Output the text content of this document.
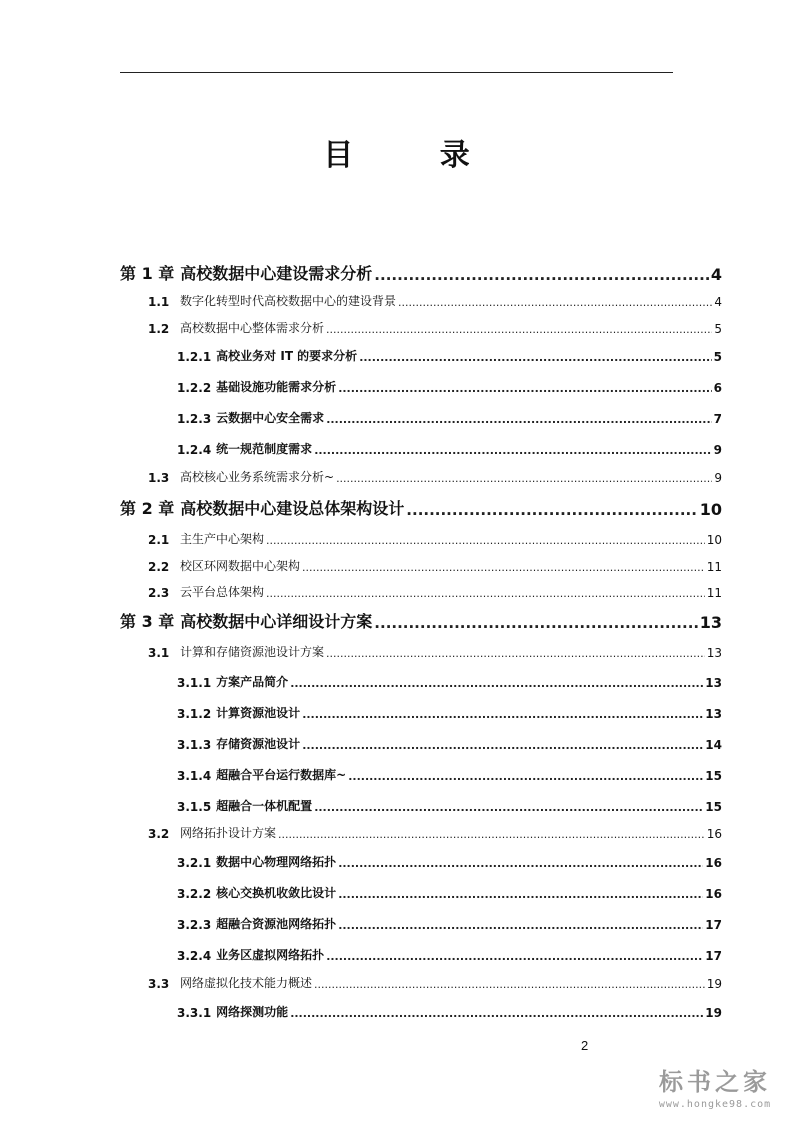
目 录
第 1 章 高校数据中心建设需求分析 .....	4
1.1 数字化转型时代高校数据中心的建设背景 .....	4
1.2 高校数据中心整体需求分析 .....	5
1.2.1 高校业务对 IT 的要求分析 .....	5
1.2.2 基础设施功能需求分析 .....	6
1.2.3 云数据中心安全需求 .....	7
1.2.4 统一规范制度需求 .....	9
1.3 高校核心业务系统需求分析~ .....	9
第 2 章 高校数据中心建设总体架构设计 .....	10
2.1 主生产中心架构 .....	10
2.2 校区环网数据中心架构 .....	11
2.3 云平台总体架构 .....	11
第 3 章 高校数据中心详细设计方案 .....	13
3.1 计算和存储资源池设计方案 .....	13
3.1.1 方案产品简介 .....	13
3.1.2 计算资源池设计 .....	13
3.1.3 存储资源池设计 .....	14
3.1.4 超融合平台运行数据库~ .....	15
3.1.5 超融合一体机配置 .....	15
3.2 网络拓扑设计方案 .....	16
3.2.1 数据中心物理网络拓扑 .....	16
3.2.2 核心交换机收敛比设计 .....	16
3.2.3 超融合资源池网络拓扑 .....	17
3.2.4 业务区虚拟网络拓扑 .....	17
3.3 网络虚拟化技术能力概述 .....	19
3.3.1 网络探测功能 .....	19
2
标书之家
www.hongke98.com
